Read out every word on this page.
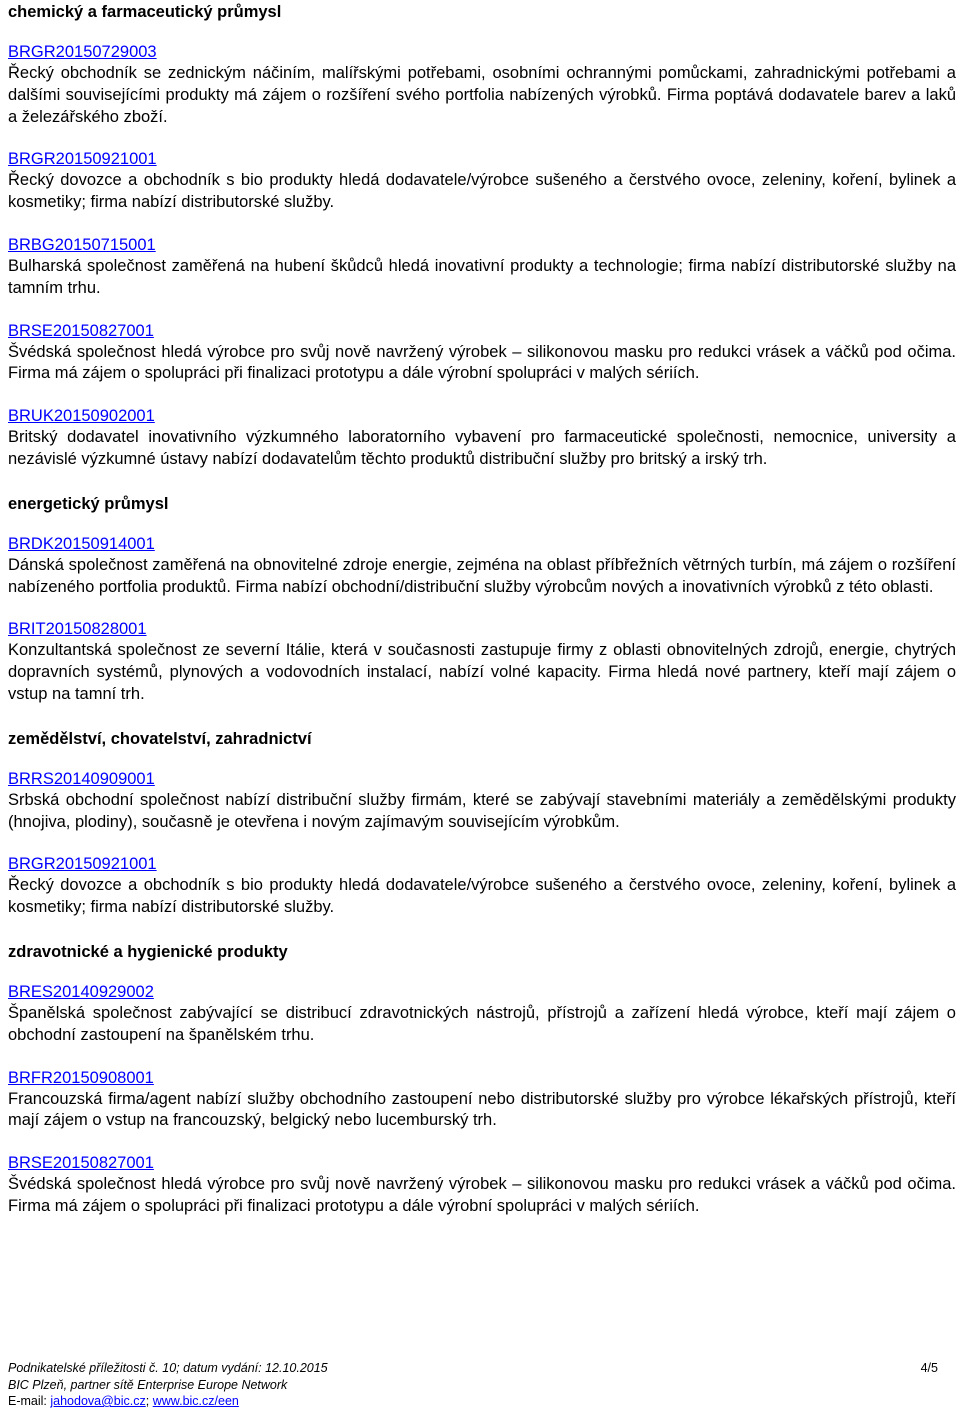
chemický a farmaceutický průmysl
BRGR20150729003

Řecký obchodník se zednickým náčiním, malířskými potřebami, osobními ochrannými pomůckami, zahradnickými potřebami a dalšími souvisejícími produkty má zájem o rozšíření svého portfolia nabízených výrobků. Firma poptává dodavatele barev a laků a železářského zboží.

BRGR20150921001

Řecký dovozce a obchodník s bio produkty hledá dodavatele/výrobce sušeného a čerstvého ovoce, zeleniny, koření, bylinek a kosmetiky; firma nabízí distributorské služby.

BRBG20150715001

Bulharská společnost zaměřená na hubení škůdců hledá inovativní produkty a technologie; firma nabízí distributorské služby na tamním trhu.

BRSE20150827001

Švédská společnost hledá výrobce pro svůj nově navržený výrobek – silikonovou masku pro redukci vrásek a váčků pod očima. Firma má zájem o spolupráci při finalizaci prototypu a dále výrobní spolupráci v malých sériích.

BRUK20150902001

Britský dodavatel inovativního výzkumného laboratorního vybavení pro farmaceutické společnosti, nemocnice, university a nezávislé výzkumné ústavy nabízí dodavatelům těchto produktů distribuční služby pro britský a irský trh.

energetický průmysl
BRDK20150914001

Dánská společnost zaměřená na obnovitelné zdroje energie, zejména na oblast příbřežních větrných turbín, má zájem o rozšíření nabízeného portfolia produktů. Firma nabízí obchodní/distribuční služby výrobcům nových a inovativních výrobků z této oblasti.

BRIT20150828001

Konzultantská společnost ze severní Itálie, která v současnosti zastupuje firmy z oblasti obnovitelných zdrojů, energie, chytrých dopravních systémů, plynových a vodovodních instalací, nabízí volné kapacity. Firma hledá nové partnery, kteří mají zájem o vstup na tamní trh.

zemědělství, chovatelství, zahradnictví
BRRS20140909001

Srbská obchodní společnost nabízí distribuční služby firmám, které se zabývají stavebními materiály a zemědělskými produkty (hnojiva, plodiny), současně je otevřena i novým zajímavým souvisejícím výrobkům.

BRGR20150921001

Řecký dovozce a obchodník s bio produkty hledá dodavatele/výrobce sušeného a čerstvého ovoce, zeleniny, koření, bylinek a kosmetiky; firma nabízí distributorské služby.

zdravotnické a hygienické produkty
BRES20140929002

Španělská společnost zabývající se distribucí zdravotnických nástrojů, přístrojů a zařízení hledá výrobce, kteří mají zájem o obchodní zastoupení na španělském trhu.

BRFR20150908001

Francouzská firma/agent nabízí služby obchodního zastoupení nebo distributorské služby pro výrobce lékařských přístrojů, kteří mají zájem o vstup na francouzský, belgický nebo lucemburský trh.

BRSE20150827001

Švédská společnost hledá výrobce pro svůj nově navržený výrobek – silikonovou masku pro redukci vrásek a váčků pod očima. Firma má zájem o spolupráci při finalizaci prototypu a dále výrobní spolupráci v malých sériích.

Podnikatelské příležitosti č. 10; datum vydání: 12.10.2015	4/5
BIC Plzeň, partner sítě Enterprise Europe Network
E-mail: jahodova@bic.cz; www.bic.cz/een
